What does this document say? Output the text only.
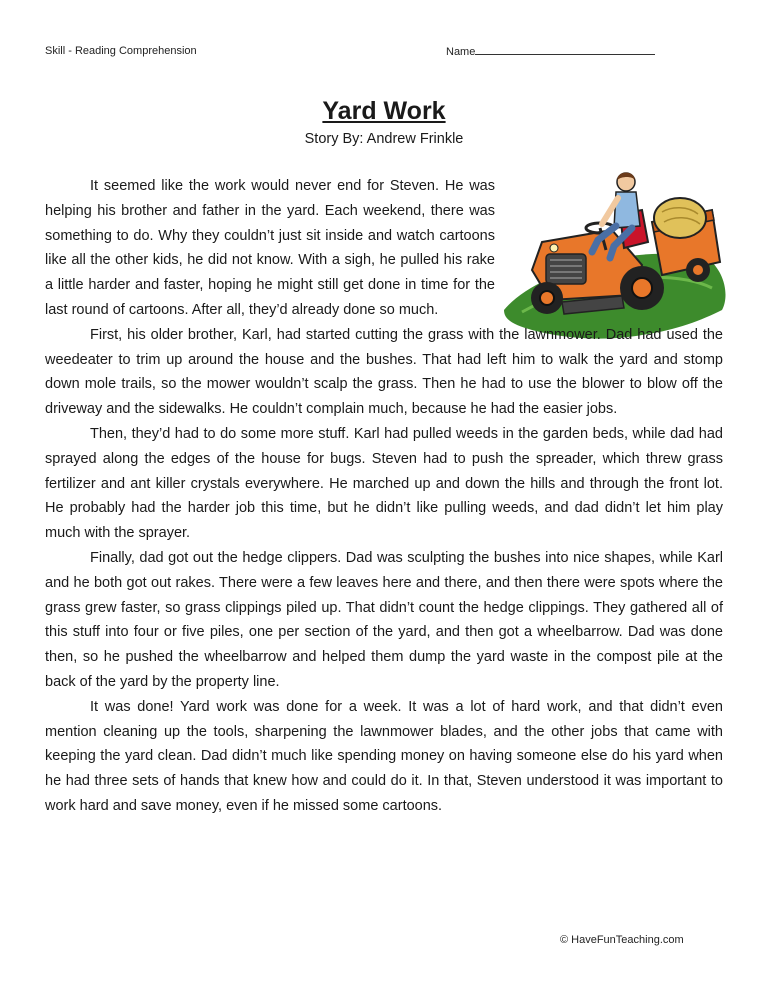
Skill - Reading Comprehension	Name
Yard Work
Story By: Andrew Frinkle

It seemed like the work would never end for Steven. He was helping his brother and father in the yard. Each weekend, there was something to do. Why they couldn’t just sit inside and watch cartoons like all the other kids, he did not know. With a sigh, he pulled his rake a little harder and faster, hoping he might still get done in time for the last round of cartoons. After all, they’d already done so much.

First, his older brother, Karl, had started cutting the grass with the lawnmower. Dad had used the weedeater to trim up around the house and the bushes. That had left him to walk the yard and stomp down mole trails, so the mower wouldn’t scalp the grass. Then he had to use the blower to blow off the driveway and the sidewalks. He couldn’t complain much, because he had the easier jobs.

Then, they’d had to do some more stuff. Karl had pulled weeds in the garden beds, while dad had sprayed along the edges of the house for bugs. Steven had to push the spreader, which threw grass fertilizer and ant killer crystals everywhere. He marched up and down the hills and through the front lot. He probably had the harder job this time, but he didn’t like pulling weeds, and dad didn’t let him play much with the sprayer.

Finally, dad got out the hedge clippers. Dad was sculpting the bushes into nice shapes, while Karl and he both got out rakes. There were a few leaves here and there, and then there were spots where the grass grew faster, so grass clippings piled up. That didn’t count the hedge clippings. They gathered all of this stuff into four or five piles, one per section of the yard, and then got a wheelbarrow. Dad was done then, so he pushed the wheelbarrow and helped them dump the yard waste in the compost pile at the back of the yard by the property line.

It was done! Yard work was done for a week. It was a lot of hard work, and that didn’t even mention cleaning up the tools, sharpening the lawnmower blades, and the other jobs that came with keeping the yard clean. Dad didn’t much like spending money on having someone else do his yard when he had three sets of hands that knew how and could do it. In that, Steven understood it was important to work hard and save money, even if he missed some cartoons.

© HaveFunTeaching.com
